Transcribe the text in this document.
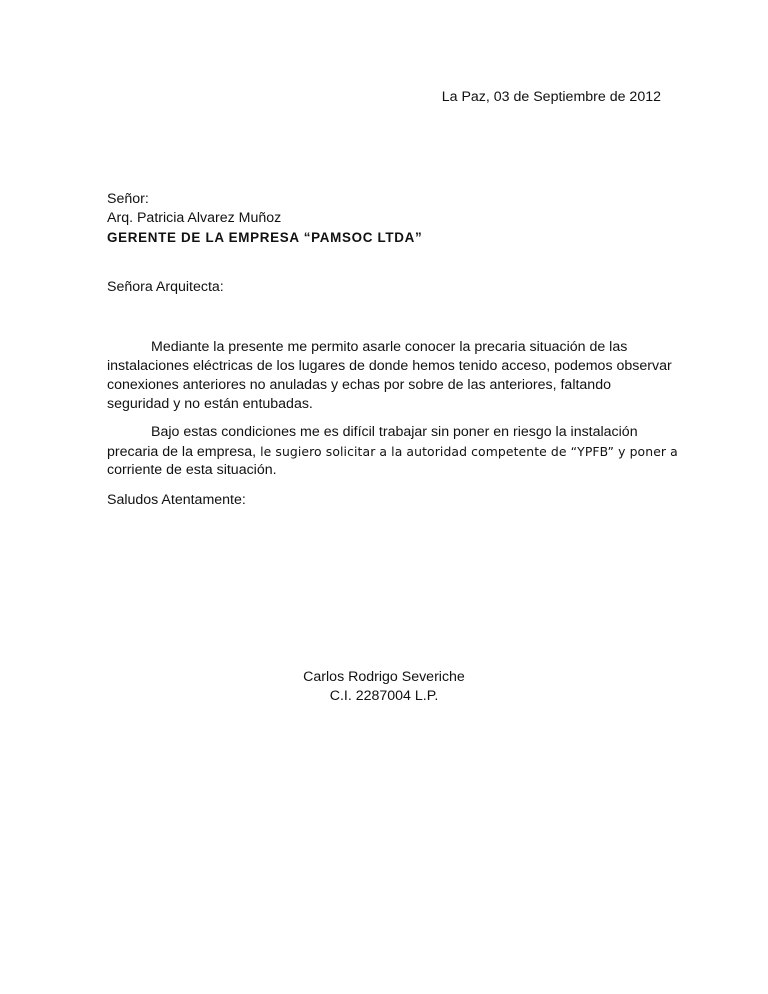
La Paz, 03 de Septiembre de 2012

Señor:
Arq. Patricia Alvarez Muñoz
GERENTE DE LA EMPRESA “PAMSOC LTDA”

Señora Arquitecta:

Mediante la presente me permito asarle conocer la precaria situación de las
instalaciones eléctricas de los lugares de donde hemos tenido acceso, podemos observar
conexiones anteriores no anuladas y echas por sobre de las anteriores, faltando
seguridad y no están entubadas.
Bajo estas condiciones me es difícil trabajar sin poner en riesgo la instalación
precaria de la empresa, le sugiero solicitar a la autoridad competente de “YPFB” y poner a
corriente de esta situación.

Saludos Atentamente:

Carlos Rodrigo Severiche
C.I. 2287004 L.P.
